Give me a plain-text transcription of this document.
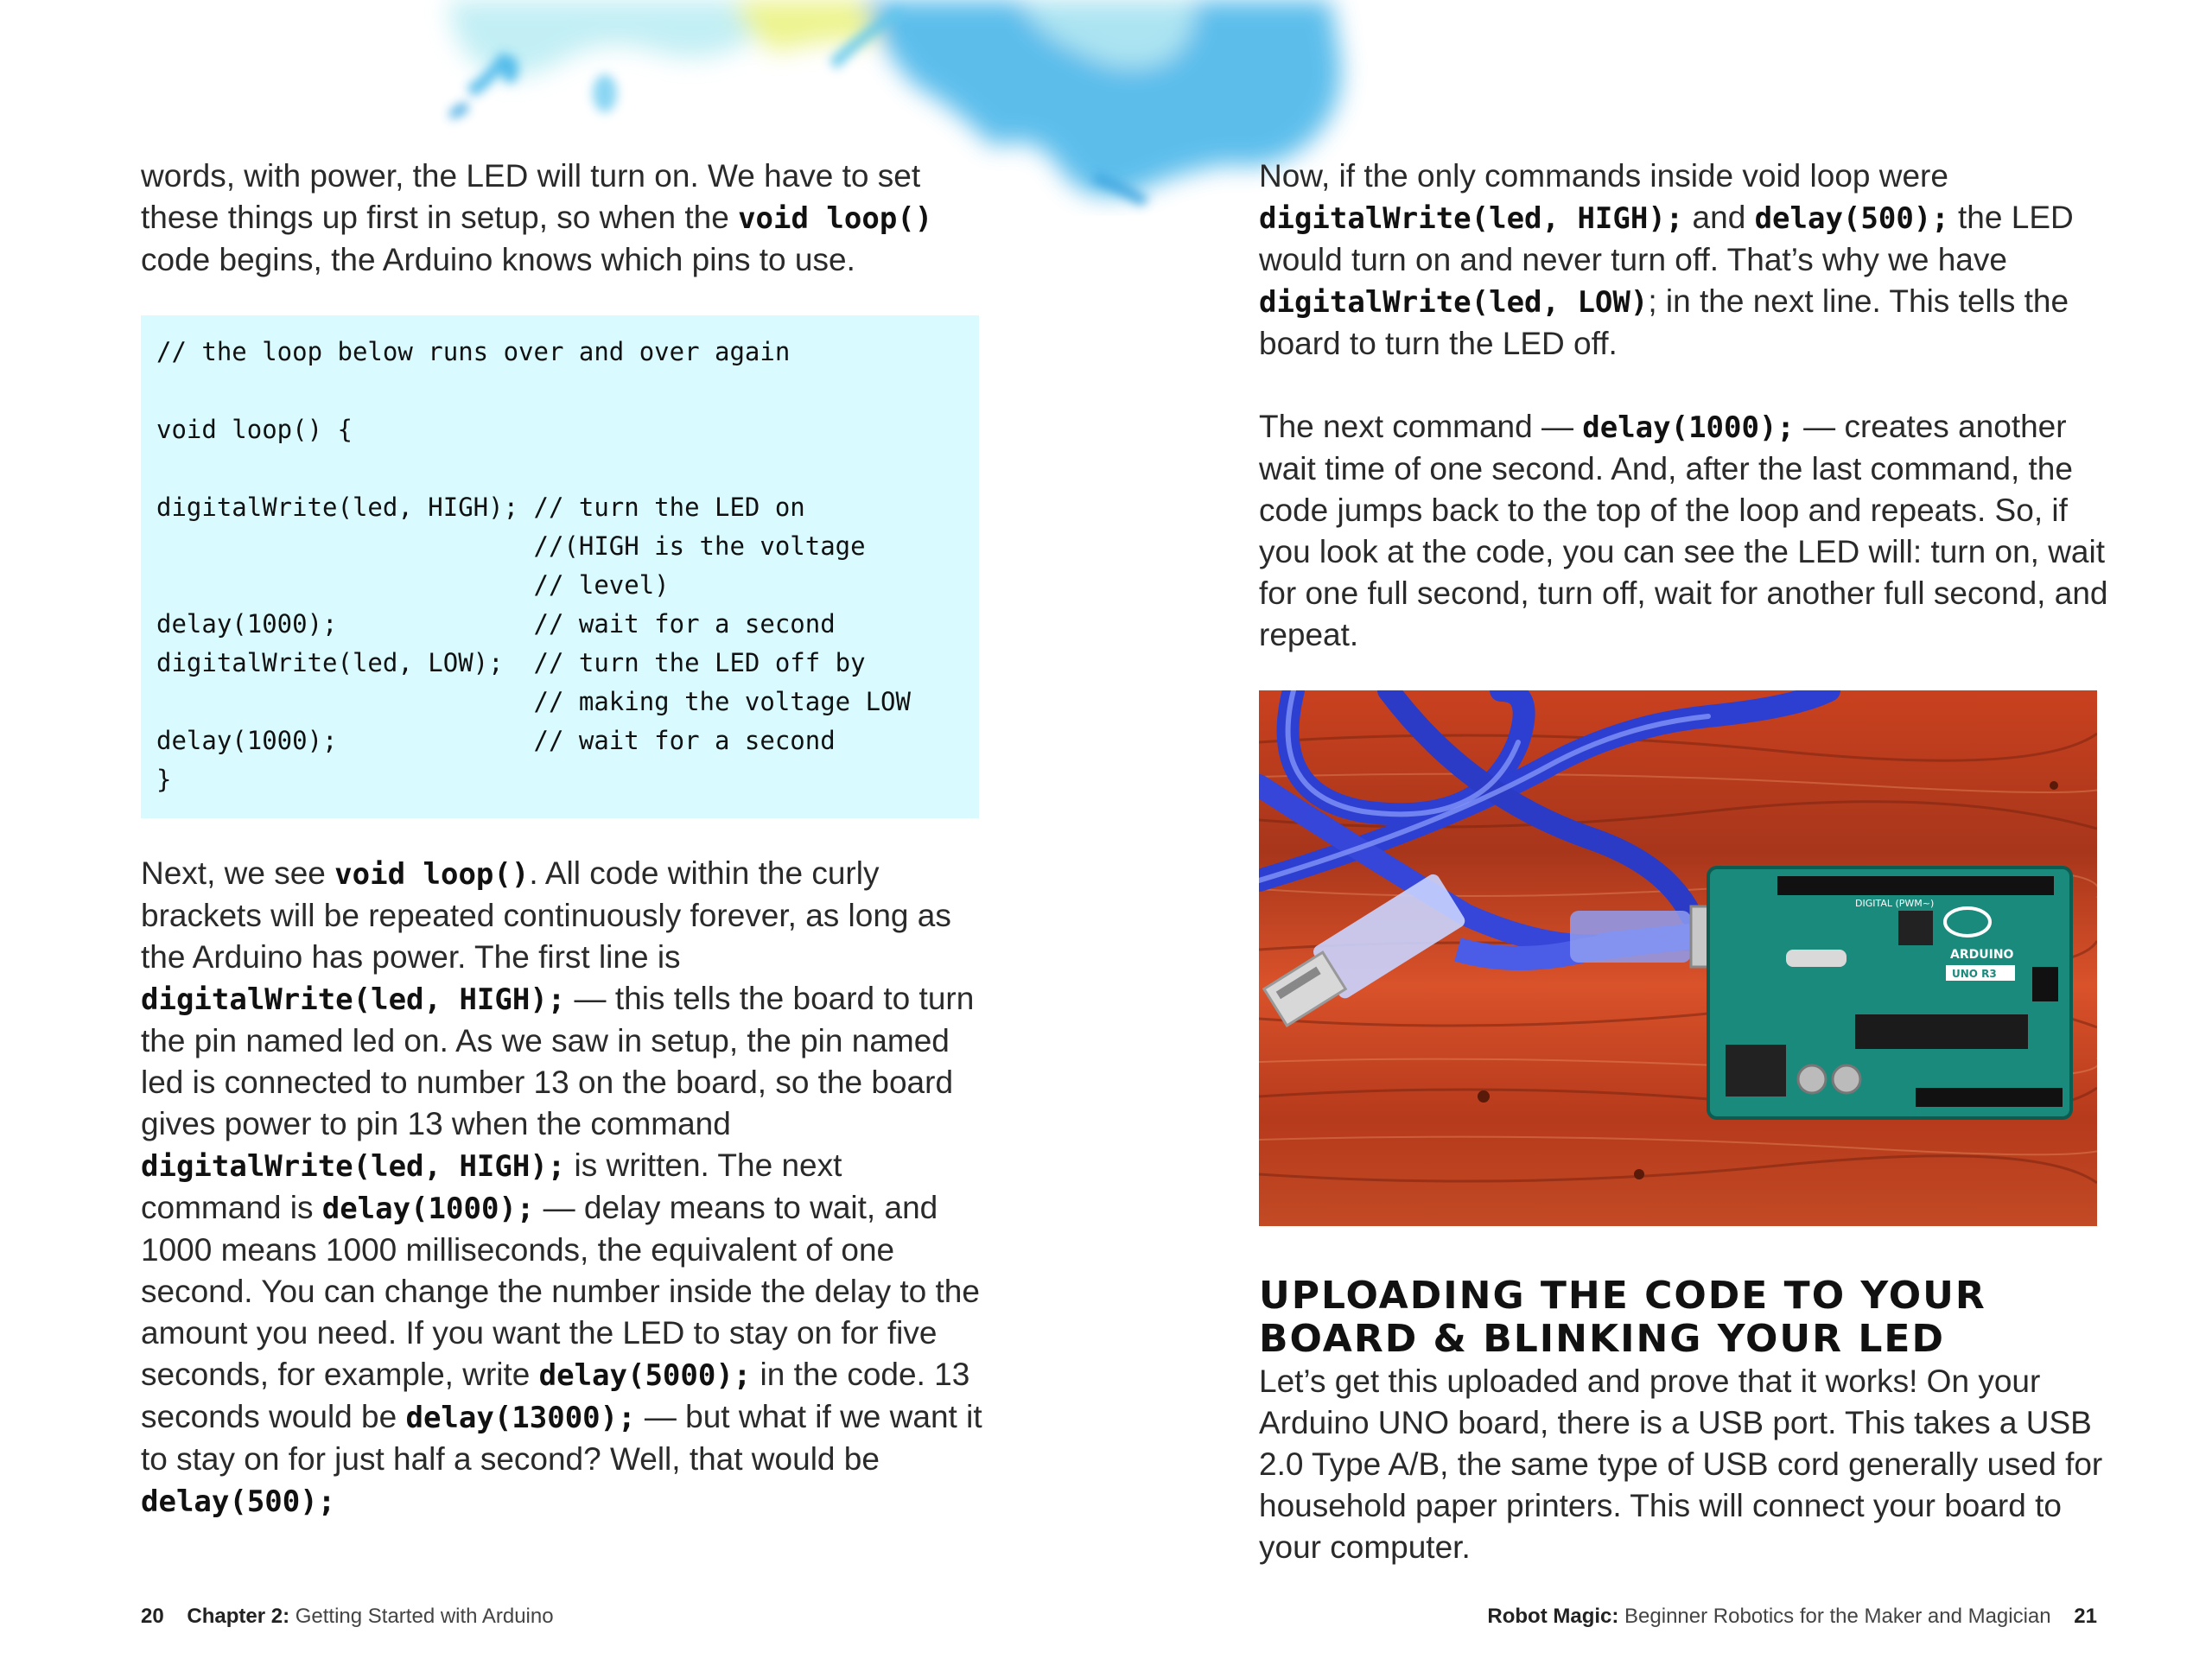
words, with power, the LED will turn on. We have to set these things up first in setup, so when the void loop() code begins, the Arduino knows which pins to use.

// the loop below runs over and over again

void loop() {

digitalWrite(led, HIGH); // turn the LED on
//(HIGH is the voltage
// level)
delay(1000);             // wait for a second
digitalWrite(led, LOW);  // turn the LED off by
// making the voltage LOW
delay(1000);             // wait for a second
}

Next, we see void loop(). All code within the curly brackets will be repeated continuously forever, as long as the Arduino has power. The first line is digitalWrite(led, HIGH); — this tells the board to turn the pin named led on. As we saw in setup, the pin named led is connected to number 13 on the board, so the board gives power to pin 13 when the command digitalWrite(led, HIGH); is written. The next command is delay(1000); — delay means to wait, and 1000 means 1000 milliseconds, the equivalent of one second. You can change the number inside the delay to the amount you need. If you want the LED to stay on for five seconds, for example, write delay(5000); in the code. 13 seconds would be delay(13000); — but what if we want it to stay on for just half a second? Well, that would be delay(500);

Now, if the only commands inside void loop were digitalWrite(led, HIGH); and delay(500); the LED would turn on and never turn off. That’s why we have digitalWrite(led, LOW); in the next line. This tells the board to turn the LED off.

The next command — delay(1000); — creates another wait time of one second. And, after the last command, the code jumps back to the top of the loop and repeats. So, if you look at the code, you can see the LED will: turn on, wait for one full second, turn off, wait for another full second, and repeat.

ARDUINO
UNO R3
DIGITAL (PWM~)
UPLOADING THE CODE TO YOUR
BOARD & BLINKING YOUR LED

Let’s get this uploaded and prove that it works! On your Arduino UNO board, there is a USB port. This takes a USB 2.0 Type A/B, the same type of USB cord generally used for household paper printers. This will connect your board to your computer.

20 Chapter 2: Getting Started with Arduino	Robot Magic: Beginner Robotics for the Maker and Magician 21
